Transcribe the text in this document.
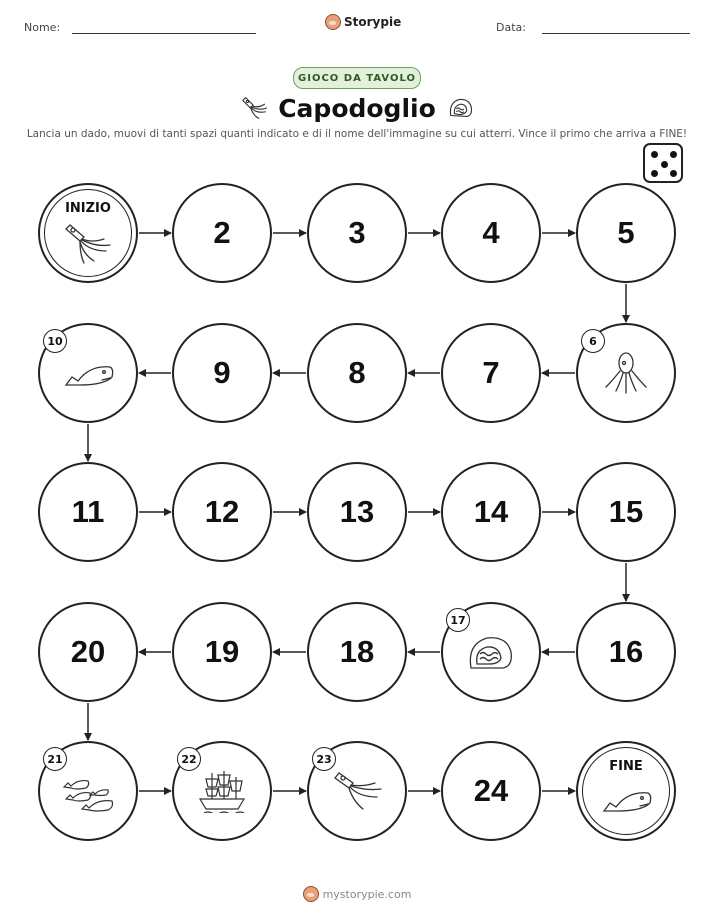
Nome:	Storypie	Data:
GIOCO DA TAVOLO
Capodoglio
Lancia un dado, muovi di tanti spazi quanti indicato e di il nome dell'immagine su cui atterri. Vince il primo che arriva a FINE!
INIZIO
2	3	4	5
6
7
8
9
10
11	12	13	14	15
16
17
18
19
20
21	22	23
24
FINE
mystorypie.com
